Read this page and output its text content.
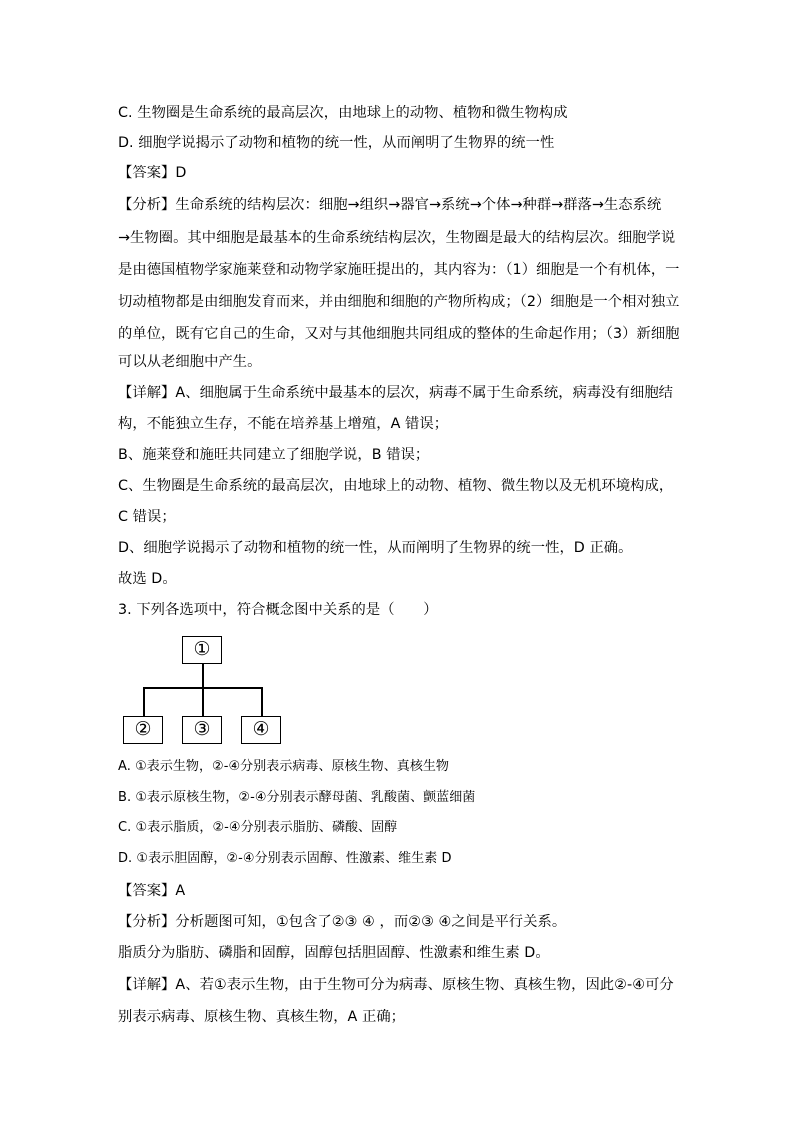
C. 生物圈是生命系统的最高层次，由地球上的动物、植物和微生物构成
D. 细胞学说揭示了动物和植物的统一性，从而阐明了生物界的统一性
【答案】D
【分析】生命系统的结构层次：细胞→组织→器官→系统→个体→种群→群落→生态系统
→生物圈。其中细胞是最基本的生命系统结构层次，生物圈是最大的结构层次。细胞学说
是由德国植物学家施莱登和动物学家施旺提出的，其内容为：（1）细胞是一个有机体，一
切动植物都是由细胞发育而来，并由细胞和细胞的产物所构成；（2）细胞是一个相对独立
的单位，既有它自己的生命，又对与其他细胞共同组成的整体的生命起作用；（3）新细胞
可以从老细胞中产生。
【详解】A、细胞属于生命系统中最基本的层次，病毒不属于生命系统，病毒没有细胞结
构，不能独立生存，不能在培养基上增殖，A 错误；
B、施莱登和施旺共同建立了细胞学说，B 错误；
C、生物圈是生命系统的最高层次，由地球上的动物、植物、微生物以及无机环境构成，
C 错误；
D、细胞学说揭示了动物和植物的统一性，从而阐明了生物界的统一性，D 正确。
故选 D。
3. 下列各选项中，符合概念图中关系的是（　　）
①
②	③	④
A. ①表示生物，②-④分别表示病毒、原核生物、真核生物
B. ①表示原核生物，②-④分别表示酵母菌、乳酸菌、颤蓝细菌
C. ①表示脂质，②-④分别表示脂肪、磷酸、固醇
D. ①表示胆固醇，②-④分别表示固醇、性激素、维生素 D
【答案】A
【分析】分析题图可知，①包含了②③ ④ ，而②③ ④之间是平行关系。
脂质分为脂肪、磷脂和固醇，固醇包括胆固醇、性激素和维生素 D。
【详解】A、若①表示生物，由于生物可分为病毒、原核生物、真核生物，因此②-④可分
别表示病毒、原核生物、真核生物，A 正确；
